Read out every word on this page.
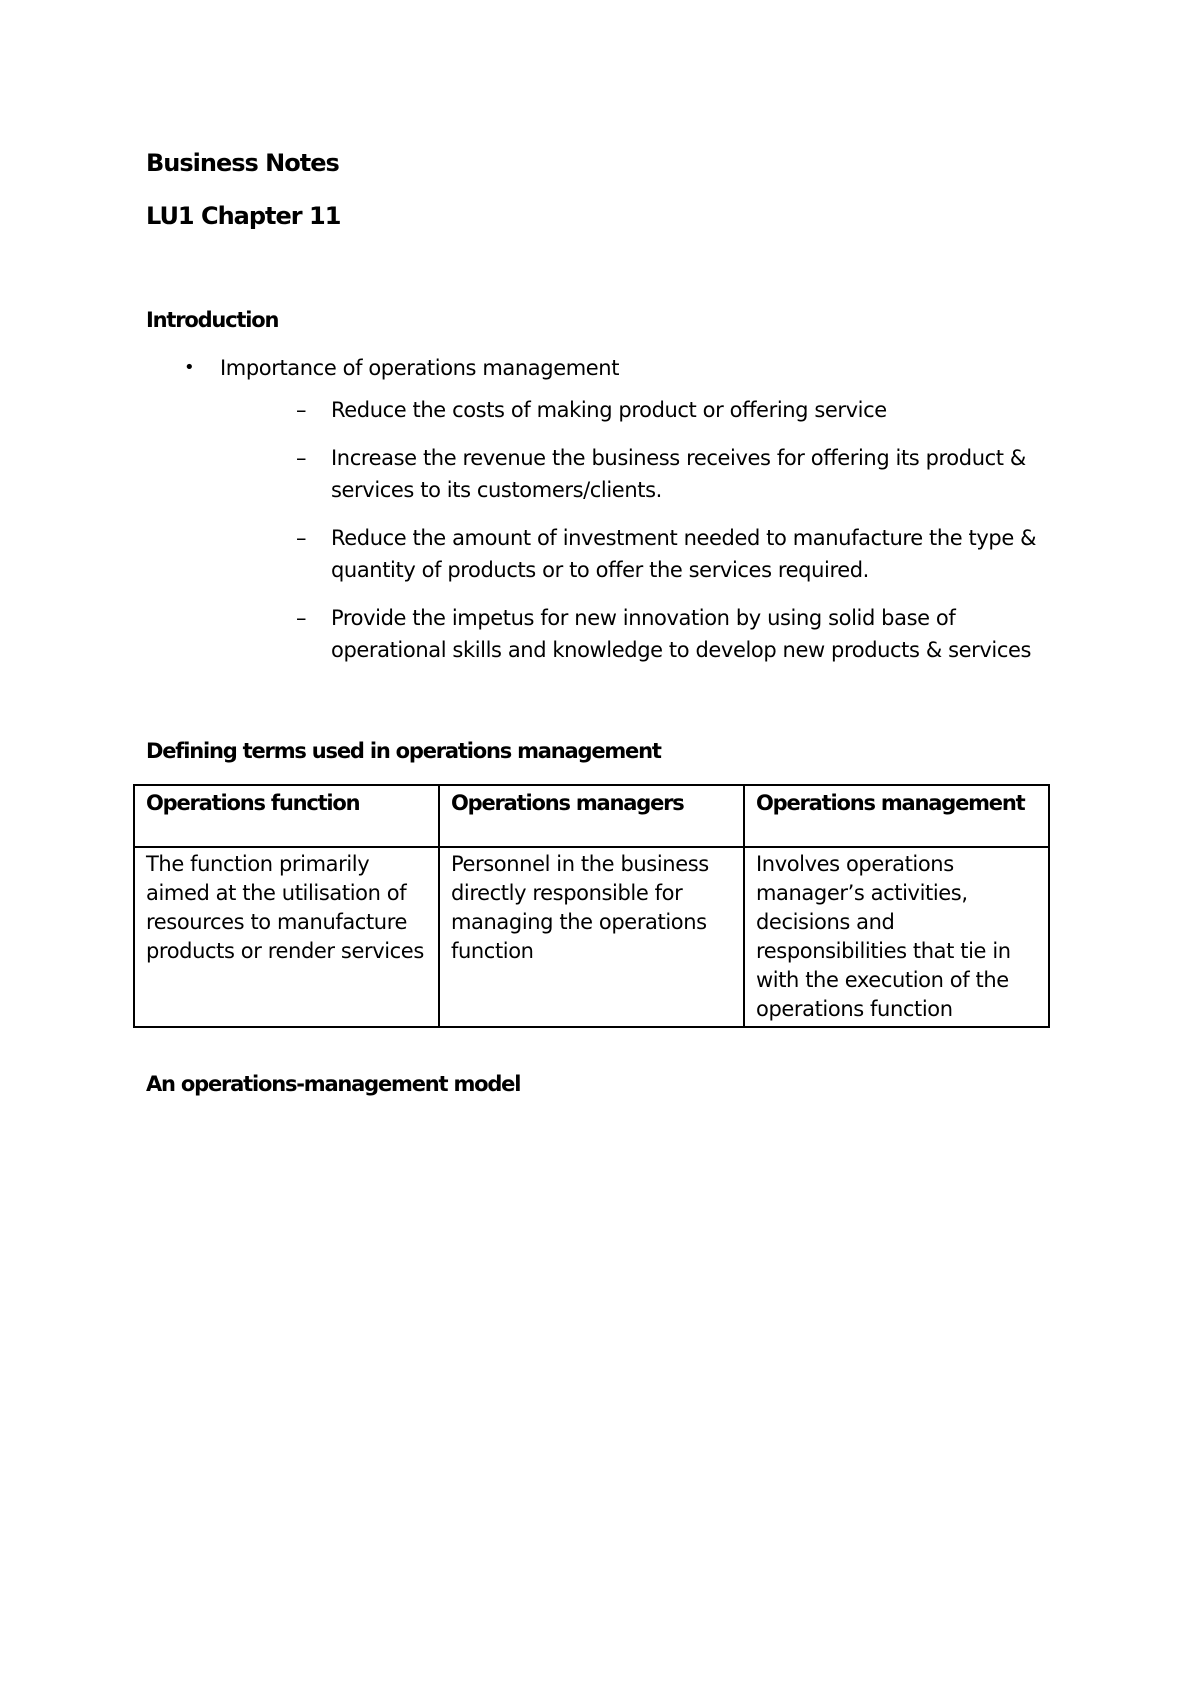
Business Notes
LU1 Chapter 11
Introduction
• Importance of operations management
– Reduce the costs of making product or offering service
– Increase the revenue the business receives for offering its product & services to its customers/clients.
– Reduce the amount of investment needed to manufacture the type & quantity of products or to offer the services required.
– Provide the impetus for new innovation by using solid base of operational skills and knowledge to develop new products & services
Defining terms used in operations management
Operations function	Operations managers	Operations management
The function primarily aimed at the utilisation of resources to manufacture products or render services	Personnel in the business directly responsible for managing the operations function	Involves operations manager’s activities, decisions and responsibilities that tie in with the execution of the operations function
An operations-management model
